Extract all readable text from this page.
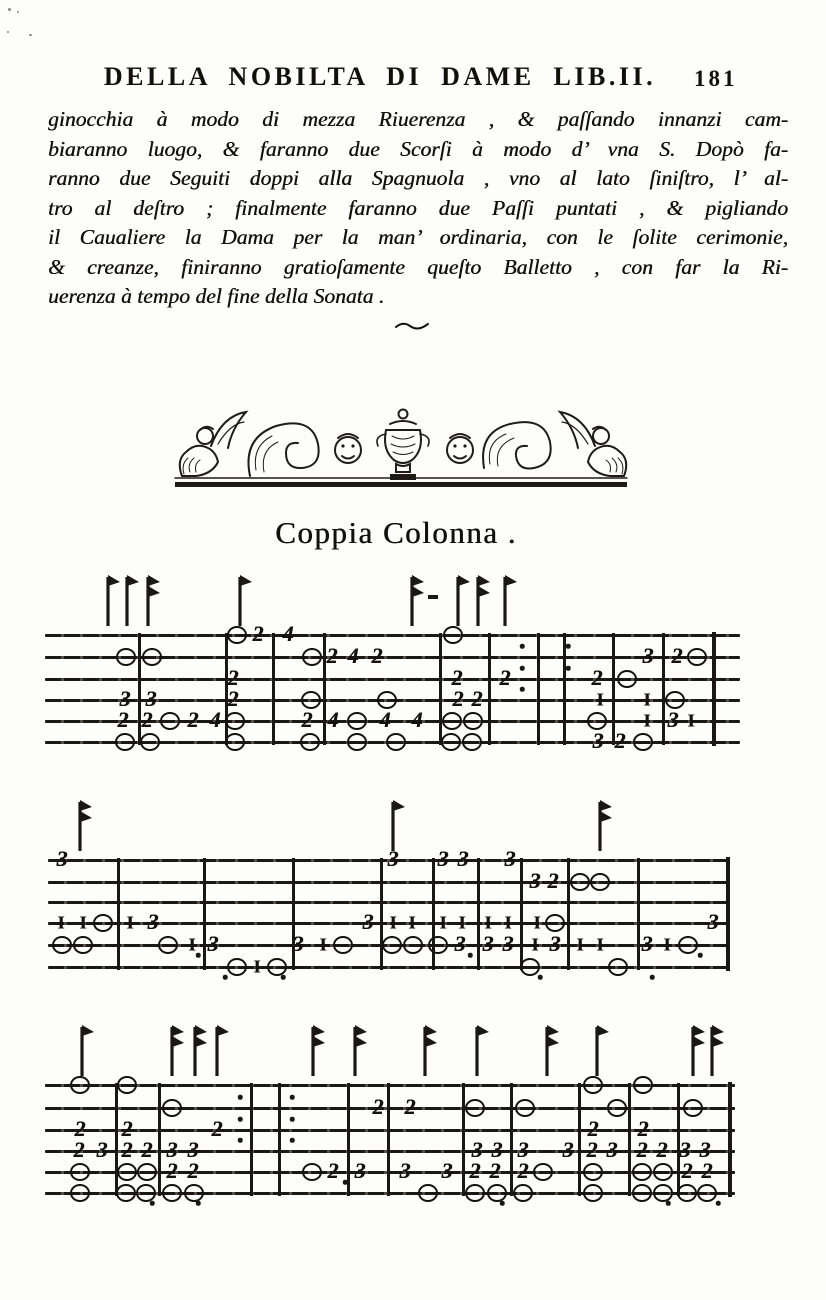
DELLA NOBILTA DI DAME LIB.II.	181
ginocchia à modo di mezza Riuerenza , & paſſando innanzi cam-
biaranno luogo, & faranno due Scorſi à modo d’ vna S. Dopò fa-
ranno due Seguiti doppi alla Spagnuola , vno al lato ſiniſtro, l’ al-
tro al deſtro ; finalmente faranno due Paſſi puntati , & pigliando
il Caualiere la Dama per la man’ ordinaria, con le ſolite cerimonie,
& creanze, finiranno gratioſamente queſto Balletto , con far la Ri-
uerenza à tempo del fine della Sonata .
Coppia Colonna .
2 4
2 4 2	3 2
2	2 2	2
3 3	2	2 2	I I
2 2 2 4	2 4 4 4	I 3 I
3 2
3	3 3 3 3
3 2
I I I 3	3 I I I I I I I	3
I 3	3 I	3 3 3 I 3 I I 3 I
I
2 2
2 2	2	2 2
2 3 2 2 3 3	3 3 3 3 2 3 2 2 3 3
2 2	2 3 3 3 2 2 2	2 2
